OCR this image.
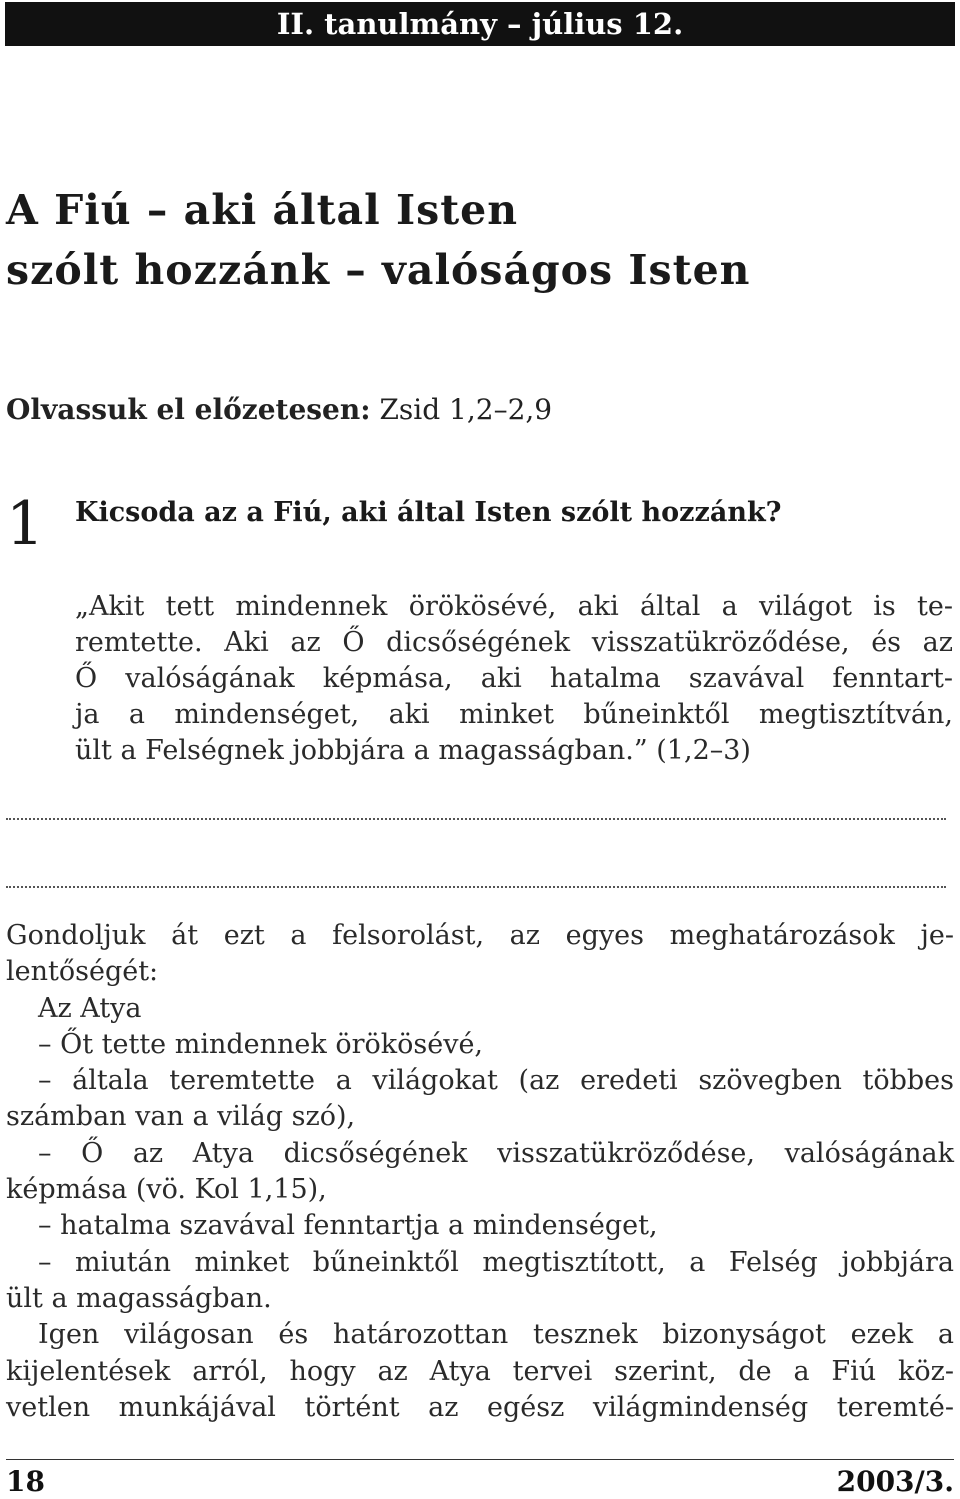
II. tanulmány – július 12.
A Fiú – aki által Isten
szólt hozzánk – valóságos Isten
Olvassuk el előzetesen: Zsid 1,2–2,9
1 Kicsoda az a Fiú, aki által Isten szólt hozzánk?

„Akit tett mindennek örökösévé, aki által a világot is te-
remtette. Aki az Ő dicsőségének visszatükröződése, és az
Ő valóságának képmása, aki hatalma szavával fenntart-
ja a mindenséget, aki minket bűneinktől megtisztítván,
ült a Felségnek jobbjára a magasságban.” (1,2–3)

Gondoljuk át ezt a felsorolást, az egyes meghatározások je-
lentőségét:
Az Atya
– Őt tette mindennek örökösévé,
– általa teremtette a világokat (az eredeti szövegben többes
számban van a világ szó),
– Ő az Atya dicsőségének visszatükröződése, valóságának
képmása (vö. Kol 1,15),
– hatalma szavával fenntartja a mindenséget,
– miután minket bűneinktől megtisztított, a Felség jobbjára
ült a magasságban.
Igen világosan és határozottan tesznek bizonyságot ezek a
kijelentések arról, hogy az Atya tervei szerint, de a Fiú köz-
vetlen munkájával történt az egész világmindenség teremté-
18	2003/3.
